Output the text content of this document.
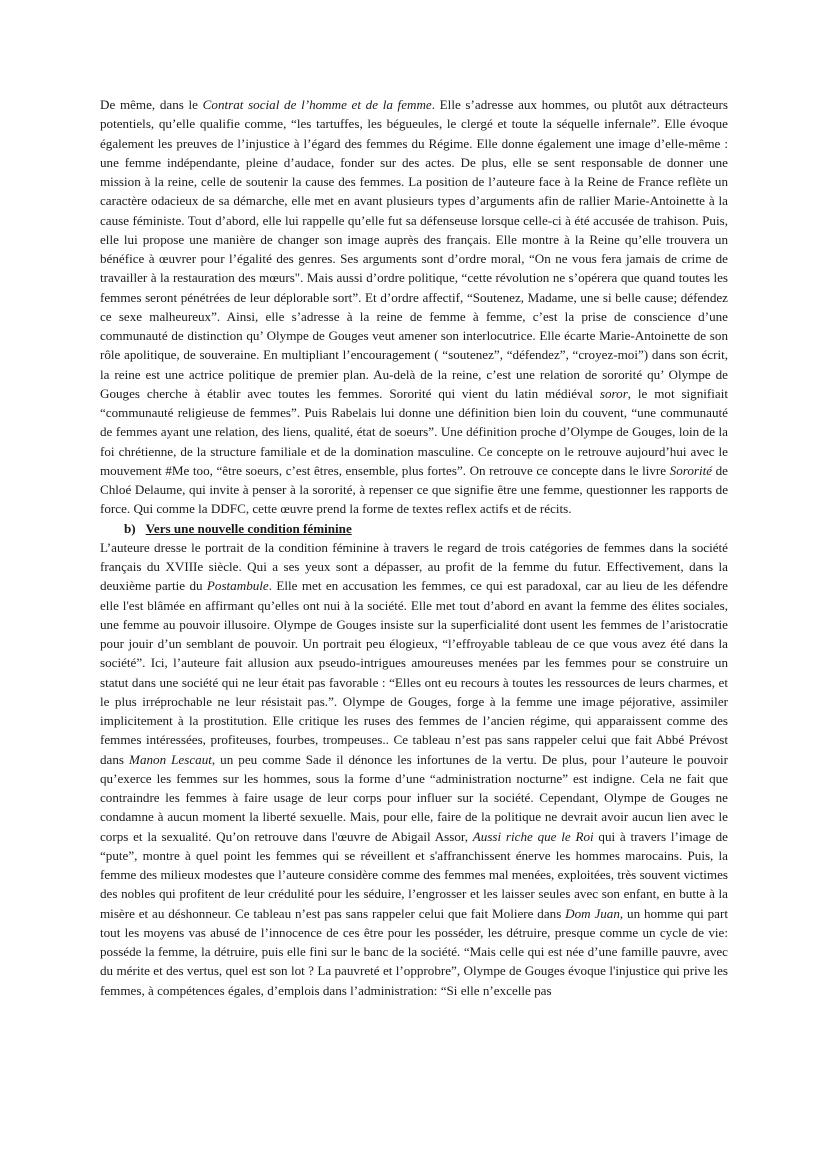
De même, dans le Contrat social de l’homme et de la femme. Elle s’adresse aux hommes, ou plutôt aux détracteurs potentiels, qu’elle qualifie comme, “les tartuffes, les bégueules, le clergé et toute la séquelle infernale”. Elle évoque également les preuves de l’injustice à l’égard des femmes du Régime. Elle donne également une image d’elle-même : une femme indépendante, pleine d’audace, fonder sur des actes. De plus, elle se sent responsable de donner une mission à la reine, celle de soutenir la cause des femmes. La position de l’auteure face à la Reine de France reflète un caractère odacieux de sa démarche, elle met en avant plusieurs types d’arguments afin de rallier Marie-Antoinette à la cause féministe. Tout d’abord, elle lui rappelle qu’elle fut sa défenseuse lorsque celle-ci à été accusée de trahison. Puis, elle lui propose une manière de changer son image auprès des français. Elle montre à la Reine qu’elle trouvera un bénéfice à œuvrer pour l’égalité des genres. Ses arguments sont d’ordre moral, “On ne vous fera jamais de crime de travailler à la restauration des mœurs". Mais aussi d’ordre politique, “cette révolution ne s’opérera que quand toutes les femmes seront pénétrées de leur déplorable sort”. Et d’ordre affectif, “Soutenez, Madame, une si belle cause; défendez ce sexe malheureux”. Ainsi, elle s’adresse à la reine de femme à femme, c’est la prise de conscience d’une communauté de distinction qu’ Olympe de Gouges veut amener son interlocutrice. Elle écarte Marie-Antoinette de son rôle apolitique, de souveraine. En multipliant l’encouragement ( “soutenez”, “défendez”, “croyez-moi”) dans son écrit, la reine est une actrice politique de premier plan. Au-delà de la reine, c’est une relation de sororité qu’ Olympe de Gouges cherche à établir avec toutes les femmes. Sororité qui vient du latin médiéval soror, le mot signifiait “communauté religieuse de femmes”. Puis Rabelais lui donne une définition bien loin du couvent, “une communauté de femmes ayant une relation, des liens, qualité, état de soeurs”. Une définition proche d’Olympe de Gouges, loin de la foi chrétienne, de la structure familiale et de la domination masculine. Ce concepte on le retrouve aujourd’hui avec le mouvement #Me too, “être soeurs, c’est êtres, ensemble, plus fortes”. On retrouve ce concepte dans le livre Sororité de Chloé Delaume, qui invite à penser à la sororité, à repenser ce que signifie être une femme, questionner les rapports de force. Qui comme la DDFC, cette œuvre prend la forme de textes reflex actifs et de récits.

b) Vers une nouvelle condition féminine

L’auteure dresse le portrait de la condition féminine à travers le regard de trois catégories de femmes dans la société français du XVIIIe siècle. Qui a ses yeux sont a dépasser, au profit de la femme du futur. Effectivement, dans la deuxième partie du Postambule. Elle met en accusation les femmes, ce qui est paradoxal, car au lieu de les défendre elle l'est blâmée en affirmant qu’elles ont nui à la société. Elle met tout d’abord en avant la femme des élites sociales, une femme au pouvoir illusoire. Olympe de Gouges insiste sur la superficialité dont usent les femmes de l’aristocratie pour jouir d’un semblant de pouvoir. Un portrait peu élogieux, “l’effroyable tableau de ce que vous avez été dans la société”. Ici, l’auteure fait allusion aux pseudo-intrigues amoureuses menées par les femmes pour se construire un statut dans une société qui ne leur était pas favorable : “Elles ont eu recours à toutes les ressources de leurs charmes, et le plus irréprochable ne leur résistait pas.”. Olympe de Gouges, forge à la femme une image péjorative, assimiler implicitement à la prostitution. Elle critique les ruses des femmes de l’ancien régime, qui apparaissent comme des femmes intéressées, profiteuses, fourbes, trompeuses.. Ce tableau n’est pas sans rappeler celui que fait Abbé Prévost dans Manon Lescaut, un peu comme Sade il dénonce les infortunes de la vertu. De plus, pour l’auteure le pouvoir qu’exerce les femmes sur les hommes, sous la forme d’une “administration nocturne” est indigne. Cela ne fait que contraindre les femmes à faire usage de leur corps pour influer sur la société. Cependant, Olympe de Gouges ne condamne à aucun moment la liberté sexuelle. Mais, pour elle, faire de la politique ne devrait avoir aucun lien avec le corps et la sexualité. Qu’on retrouve dans l'œuvre de Abigail Assor, Aussi riche que le Roi qui à travers l’image de “pute”, montre à quel point les femmes qui se réveillent et s'affranchissent énerve les hommes marocains. Puis, la femme des milieux modestes que l’auteure considère comme des femmes mal menées, exploitées, très souvent victimes des nobles qui profitent de leur crédulité pour les séduire, l’engrosser et les laisser seules avec son enfant, en butte à la misère et au déshonneur. Ce tableau n’est pas sans rappeler celui que fait Moliere dans Dom Juan, un homme qui part tout les moyens vas abusé de l’innocence de ces être pour les posséder, les détruire, presque comme un cycle de vie: posséde la femme, la détruire, puis elle fini sur le banc de la société. “Mais celle qui est née d’une famille pauvre, avec du mérite et des vertus, quel est son lot ? La pauvreté et l’opprobre”, Olympe de Gouges évoque l'injustice qui prive les femmes, à compétences égales, d’emplois dans l’administration: “Si elle n’excelle pas
